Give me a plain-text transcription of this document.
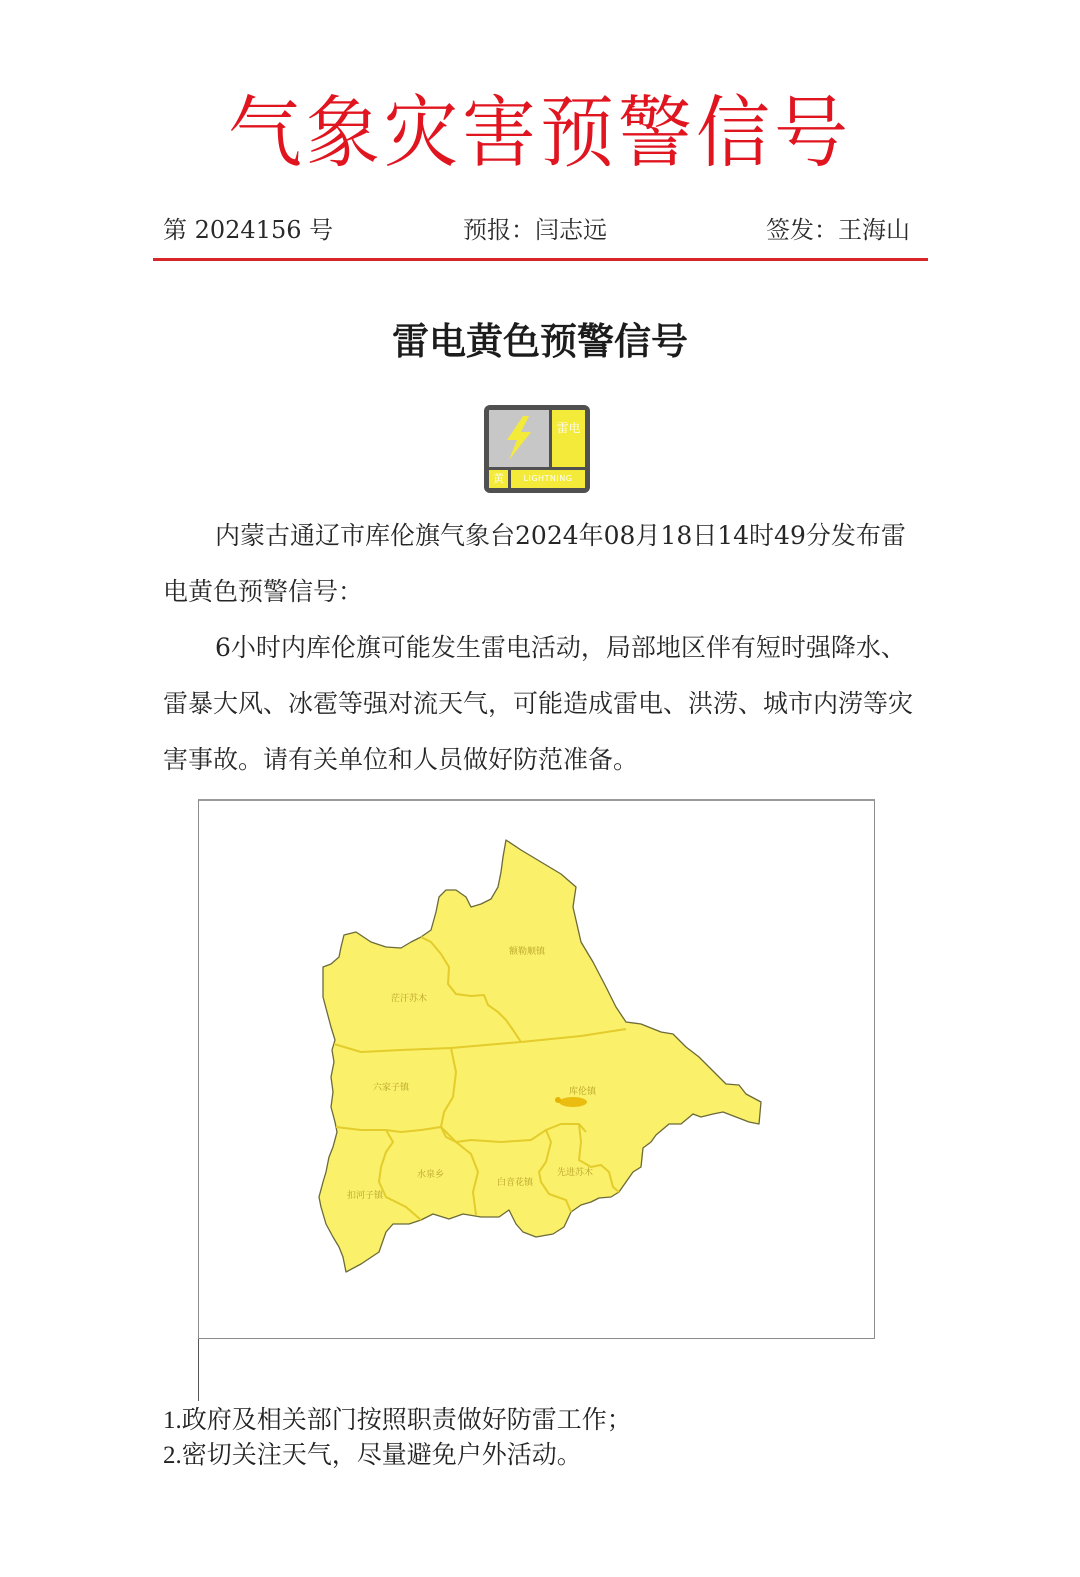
气象灾害预警信号
第 2024156 号	预报：闫志远	签发：王海山
雷电黄色预警信号
雷电
黄	LIGHTNING
内蒙古通辽市库伦旗气象台2024年08月18日14时49分发布雷电黄色预警信号：
6小时内库伦旗可能发生雷电活动，局部地区伴有短时强降水、雷暴大风、冰雹等强对流天气，可能造成雷电、洪涝、城市内涝等灾害事故。请有关单位和人员做好防范准备。
额勒顺镇
茫汗苏木
六家子镇	库伦镇
水泉乡
扣河子镇
白音花镇
先进苏木
1.政府及相关部门按照职责做好防雷工作；
2.密切关注天气，尽量避免户外活动。
